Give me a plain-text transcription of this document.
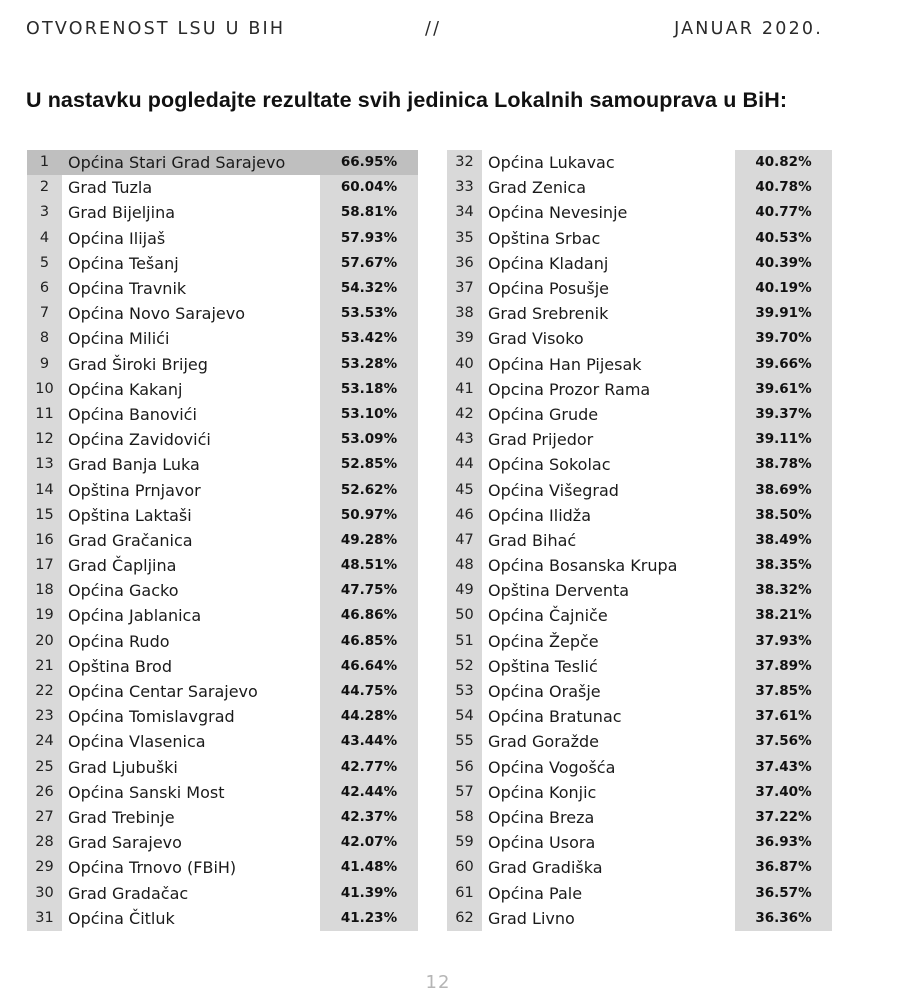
OTVORENOST LSU U BIH	//	JANUAR 2020.
U nastavku pogledajte rezultate svih jedinica Lokalnih samouprava u BiH:
1	Općina Stari Grad Sarajevo	66.95%
2	Grad Tuzla	60.04%
3	Grad Bijeljina	58.81%
4	Općina Ilijaš	57.93%
5	Općina Tešanj	57.67%
6	Općina Travnik	54.32%
7	Općina Novo Sarajevo	53.53%
8	Općina Milići	53.42%
9	Grad Široki Brijeg	53.28%
10	Općina Kakanj	53.18%
11	Općina Banovići	53.10%
12	Općina Zavidovići	53.09%
13	Grad Banja Luka	52.85%
14	Opština Prnjavor	52.62%
15	Opština Laktaši	50.97%
16	Grad Gračanica	49.28%
17	Grad Čapljina	48.51%
18	Općina Gacko	47.75%
19	Općina Jablanica	46.86%
20	Općina Rudo	46.85%
21	Opština Brod	46.64%
22	Općina Centar Sarajevo	44.75%
23	Općina Tomislavgrad	44.28%
24	Općina Vlasenica	43.44%
25	Grad Ljubuški	42.77%
26	Općina Sanski Most	42.44%
27	Grad Trebinje	42.37%
28	Grad Sarajevo	42.07%
29	Općina Trnovo (FBiH)	41.48%
30	Grad Gradačac	41.39%
31	Općina Čitluk	41.23%
32	Općina Lukavac	40.82%
33	Grad Zenica	40.78%
34	Općina Nevesinje	40.77%
35	Opština Srbac	40.53%
36	Općina Kladanj	40.39%
37	Općina Posušje	40.19%
38	Grad Srebrenik	39.91%
39	Grad Visoko	39.70%
40	Općina Han Pijesak	39.66%
41	Opcina Prozor Rama	39.61%
42	Općina Grude	39.37%
43	Grad Prijedor	39.11%
44	Općina Sokolac	38.78%
45	Općina Višegrad	38.69%
46	Općina Ilidža	38.50%
47	Grad Bihać	38.49%
48	Općina Bosanska Krupa	38.35%
49	Opština Derventa	38.32%
50	Općina Čajniče	38.21%
51	Općina Žepče	37.93%
52	Opština Teslić	37.89%
53	Općina Orašje	37.85%
54	Općina Bratunac	37.61%
55	Grad Goražde	37.56%
56	Općina Vogošća	37.43%
57	Općina Konjic	37.40%
58	Općina Breza	37.22%
59	Općina Usora	36.93%
60	Grad Gradiška	36.87%
61	Općina Pale	36.57%
62	Grad Livno	36.36%
12
